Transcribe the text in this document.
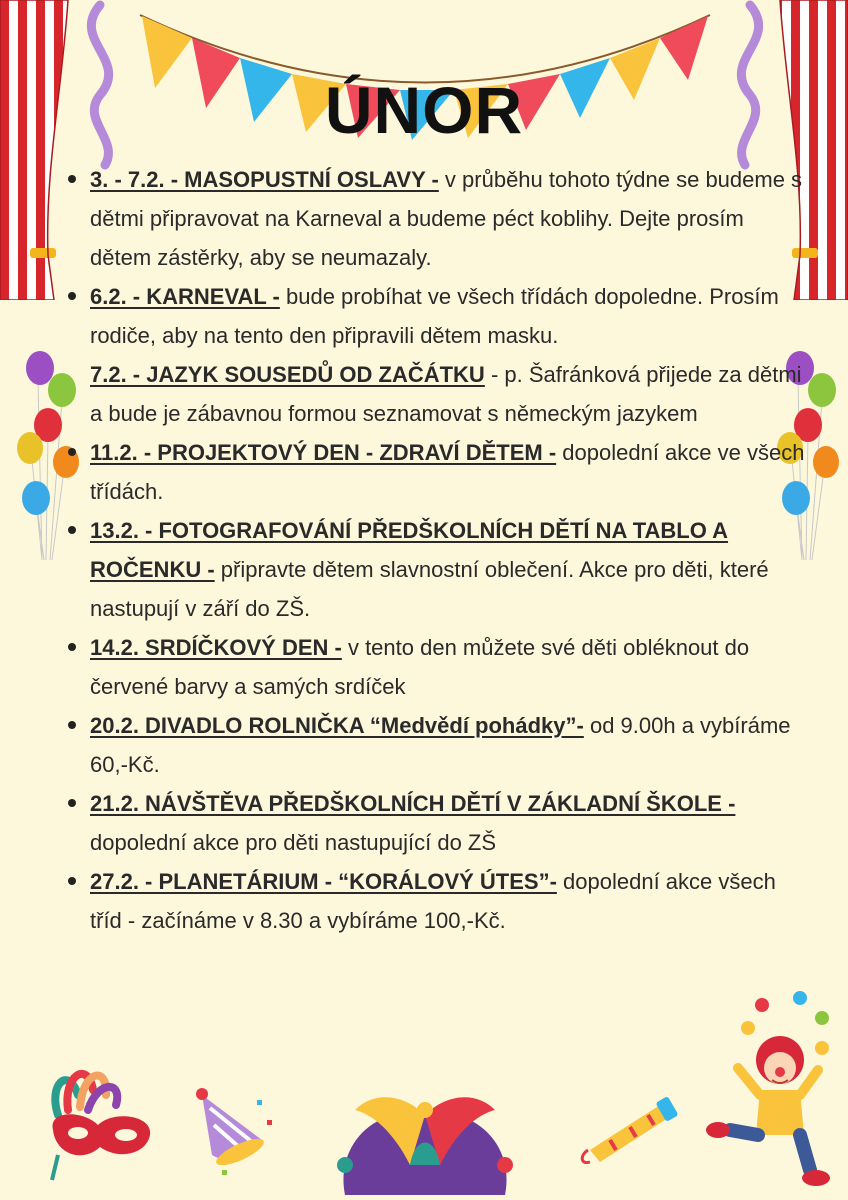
ÚNOR
3. - 7.2. - MASOPUSTNÍ OSLAVY - v průběhu tohoto týdne se budeme s dětmi připravovat na Karneval a budeme péct koblihy. Dejte prosím dětem zástěrky, aby se neumazaly.
6.2. - KARNEVAL - bude probíhat ve všech třídách dopoledne. Prosím rodiče, aby na tento den připravili dětem masku.
7.2. - JAZYK SOUSEDŮ OD ZAČÁTKU - p. Šafránková přijede za dětmi a bude je zábavnou formou seznamovat s německým jazykem
11.2. - PROJEKTOVÝ DEN - ZDRAVÍ DĚTEM - dopolední akce ve všech třídách.
13.2. - FOTOGRAFOVÁNÍ PŘEDŠKOLNÍCH DĚTÍ NA TABLO A ROČENKU - připravte dětem slavnostní oblečení. Akce pro děti, které nastupují v září do ZŠ.
14.2. SRDÍČKOVÝ DEN - v tento den můžete své děti obléknout do červené barvy a samých srdíček
20.2. DIVADLO ROLNIČKA “Medvědí pohádky”- od 9.00h a vybíráme 60,-Kč.
21.2. NÁVŠTĚVA PŘEDŠKOLNÍCH DĚTÍ V ZÁKLADNÍ ŠKOLE - dopolední akce pro děti nastupující do ZŠ
27.2. - PLANETÁRIUM - “KORÁLOVÝ ÚTES”- dopolední akce všech tříd - začínáme v 8.30 a vybíráme 100,-Kč.
